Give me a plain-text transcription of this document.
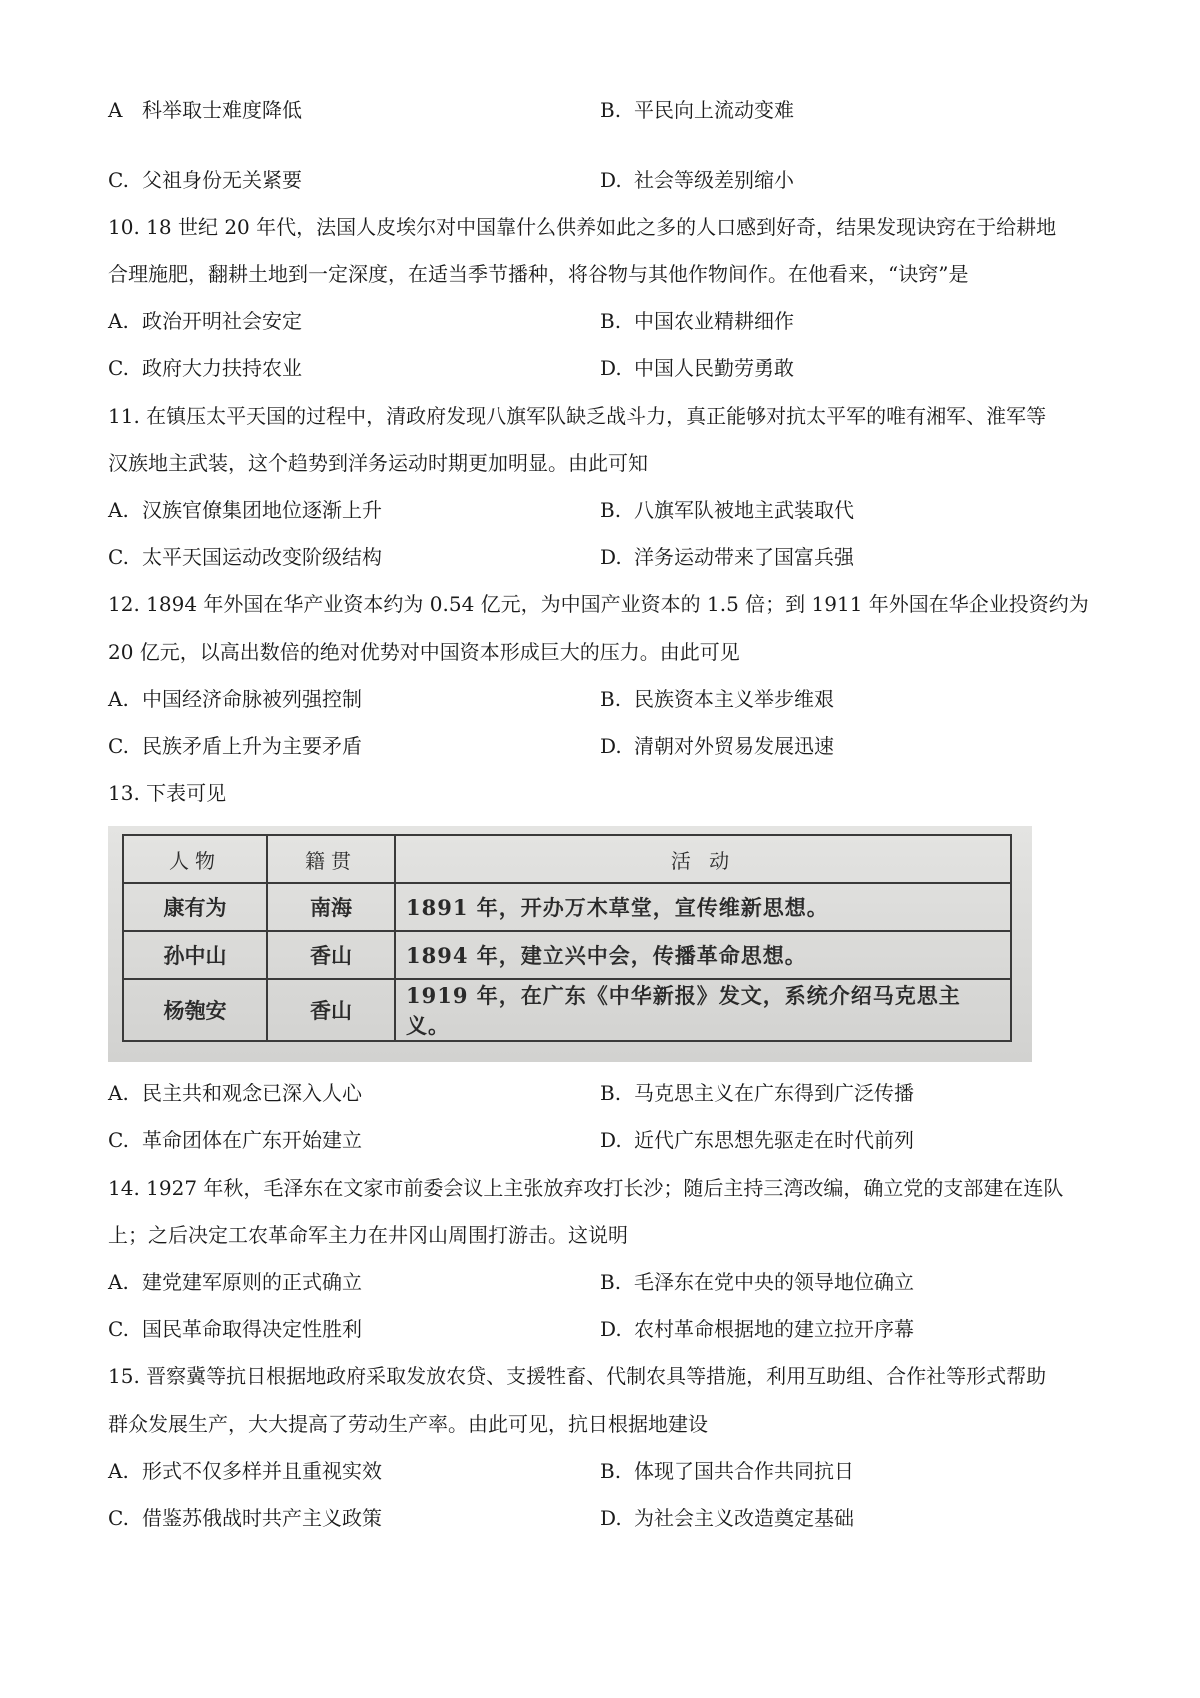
A 科举取士难度降低	B. 平民向上流动变难
C. 父祖身份无关紧要	D. 社会等级差别缩小
10. 18 世纪 20 年代，法国人皮埃尔对中国靠什么供养如此之多的人口感到好奇，结果发现诀窍在于给耕地
合理施肥，翻耕土地到一定深度，在适当季节播种，将谷物与其他作物间作。在他看来，“诀窍”是
A. 政治开明社会安定	B. 中国农业精耕细作
C. 政府大力扶持农业	D. 中国人民勤劳勇敢
11. 在镇压太平天国的过程中，清政府发现八旗军队缺乏战斗力，真正能够对抗太平军的唯有湘军、淮军等
汉族地主武装，这个趋势到洋务运动时期更加明显。由此可知
A. 汉族官僚集团地位逐渐上升	B. 八旗军队被地主武装取代
C. 太平天国运动改变阶级结构	D. 洋务运动带来了国富兵强
12. 1894 年外国在华产业资本约为 0.54 亿元，为中国产业资本的 1.5 倍；到 1911 年外国在华企业投资约为
20 亿元，以高出数倍的绝对优势对中国资本形成巨大的压力。由此可见
A. 中国经济命脉被列强控制	B. 民族资本主义举步维艰
C. 民族矛盾上升为主要矛盾	D. 清朝对外贸易发展迅速
13. 下表可见
人物	籍贯	活 动
康有为	南海	1891 年，开办万木草堂，宣传维新思想。
孙中山	香山	1894 年，建立兴中会，传播革命思想。
杨匏安	香山	1919 年，在广东《中华新报》发文，系统介绍马克思主义。
A. 民主共和观念已深入人心	B. 马克思主义在广东得到广泛传播
C. 革命团体在广东开始建立	D. 近代广东思想先驱走在时代前列
14. 1927 年秋，毛泽东在文家市前委会议上主张放弃攻打长沙；随后主持三湾改编，确立党的支部建在连队
上；之后决定工农革命军主力在井冈山周围打游击。这说明
A. 建党建军原则的正式确立	B. 毛泽东在党中央的领导地位确立
C. 国民革命取得决定性胜利	D. 农村革命根据地的建立拉开序幕
15. 晋察冀等抗日根据地政府采取发放农贷、支援牲畜、代制农具等措施，利用互助组、合作社等形式帮助
群众发展生产，大大提高了劳动生产率。由此可见，抗日根据地建设
A. 形式不仅多样并且重视实效	B. 体现了国共合作共同抗日
C. 借鉴苏俄战时共产主义政策	D. 为社会主义改造奠定基础
